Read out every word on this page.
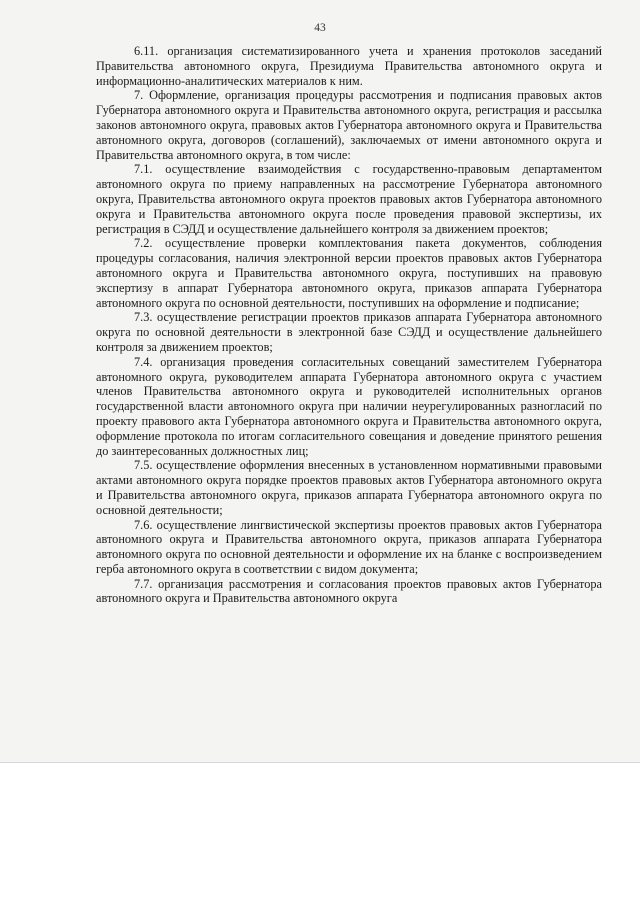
43

6.11. организация систематизированного учета и хранения протоколов заседаний Правительства автономного округа, Президиума Правительства автономного округа и информационно-аналитических материалов к ним.

7. Оформление, организация процедуры рассмотрения и подписания правовых актов Губернатора автономного округа и Правительства автономного округа, регистрация и рассылка законов автономного округа, правовых актов Губернатора автономного округа и Правительства автономного округа, договоров (соглашений), заключаемых от имени автономного округа и Правительства автономного округа, в том числе:

7.1. осуществление взаимодействия с государственно-правовым департаментом автономного округа по приему направленных на рассмотрение Губернатора автономного округа, Правительства автономного округа проектов правовых актов Губернатора автономного округа и Правительства автономного округа после проведения правовой экспертизы, их регистрация в СЭДД и осуществление дальнейшего контроля за движением проектов;

7.2. осуществление проверки комплектования пакета документов, соблюдения процедуры согласования, наличия электронной версии проектов правовых актов Губернатора автономного округа и Правительства автономного округа, поступивших на правовую экспертизу в аппарат Губернатора автономного округа, приказов аппарата Губернатора автономного округа по основной деятельности, поступивших на оформление и подписание;

7.3. осуществление регистрации проектов приказов аппарата Губернатора автономного округа по основной деятельности в электронной базе СЭДД и осуществление дальнейшего контроля за движением проектов;

7.4. организация проведения согласительных совещаний заместителем Губернатора автономного округа, руководителем аппарата Губернатора автономного округа с участием членов Правительства автономного округа и руководителей исполнительных органов государственной власти автономного округа при наличии неурегулированных разногласий по проекту правового акта Губернатора автономного округа и Правительства автономного округа, оформление протокола по итогам согласительного совещания и доведение принятого решения до заинтересованных должностных лиц;

7.5. осуществление оформления внесенных в установленном нормативными правовыми актами автономного округа порядке проектов правовых актов Губернатора автономного округа и Правительства автономного округа, приказов аппарата Губернатора автономного округа по основной деятельности;

7.6. осуществление лингвистической экспертизы проектов правовых актов Губернатора автономного округа и Правительства автономного округа, приказов аппарата Губернатора автономного округа по основной деятельности и оформление их на бланке с воспроизведением герба автономного округа в соответствии с видом документа;

7.7. организация рассмотрения и согласования проектов правовых актов Губернатора автономного округа и Правительства автономного округа
